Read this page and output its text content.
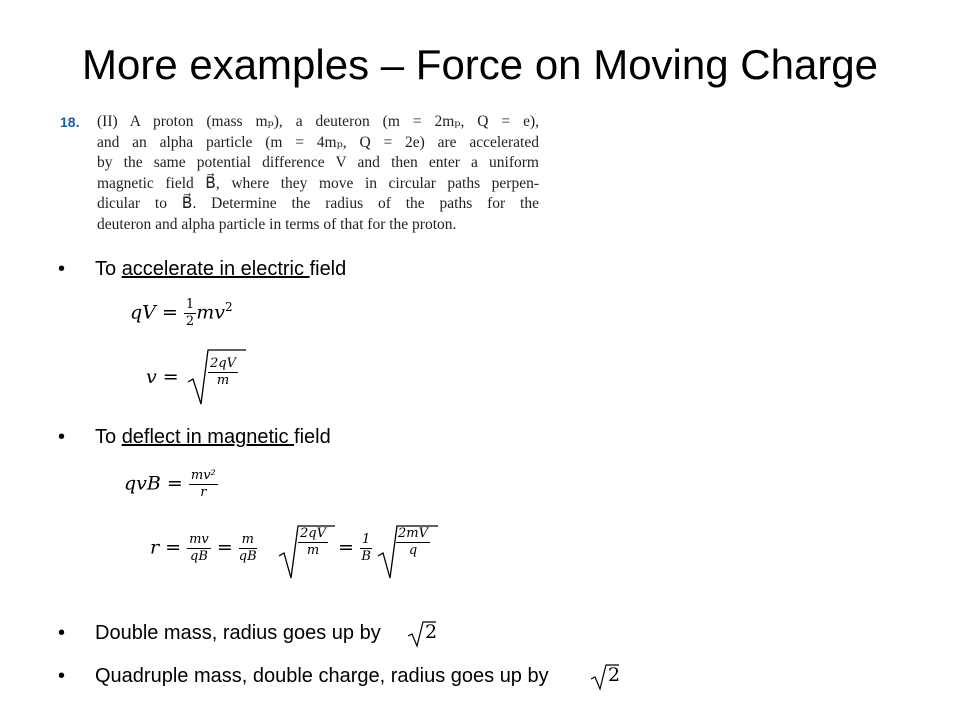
More examples – Force on Moving Charge
18. (II) A proton (mass mₚ), a deuteron (m = 2mₚ, Q = e),
and an alpha particle (m = 4mₚ, Q = 2e) are accelerated
by the same potential difference V and then enter a uniform
magnetic field B⃗, where they move in circular paths perpen-
dicular to B⃗. Determine the radius of the paths for the
deuteron and alpha particle in terms of that for the proton.
• To accelerate in electric field
qV = $\frac{1}{2} mv^2$
$v = \frac{2qV}{m}$
• To deflect in magnetic field
qvB = $\frac{\text{mv²}}{r}$
$r = \frac{mv}{qB} = \frac{m}{qB}$	$\frac{2qV}{m} = \frac{1}{B} \frac{2mV}{q}$
• Double mass, radius goes up by 2
• Quadruple mass, double charge, radius goes up by	2
